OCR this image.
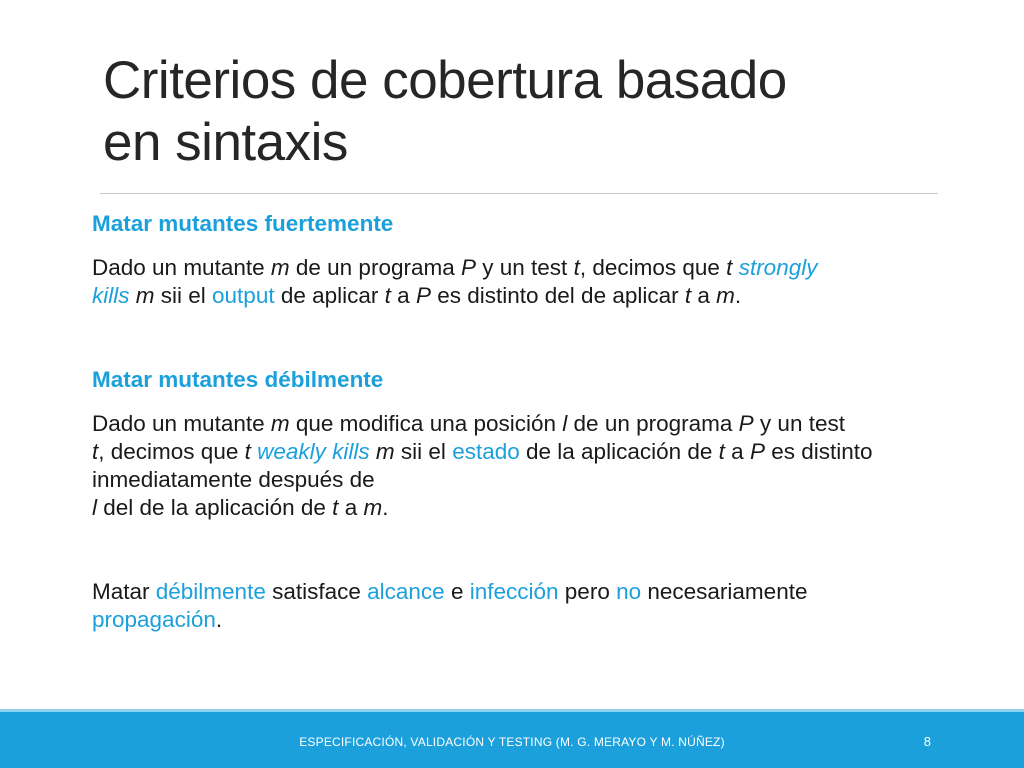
Criterios de cobertura basado
en sintaxis

Matar mutantes fuertemente

Dado un mutante m de un programa P y un test t, decimos que t strongly
kills m sii el output de aplicar t a P es distinto del de aplicar t a m.

Matar mutantes débilmente

Dado un mutante m que modifica una posición l de un programa P y un test
t, decimos que t weakly kills m sii el estado de la aplicación de t a P es distinto inmediatamente después de
l del de la aplicación de t a m.

Matar débilmente satisface alcance e infección pero no necesariamente
propagación.

ESPECIFICACIÓN, VALIDACIÓN Y TESTING (M. G. MERAYO Y M. NÚÑEZ)	8
